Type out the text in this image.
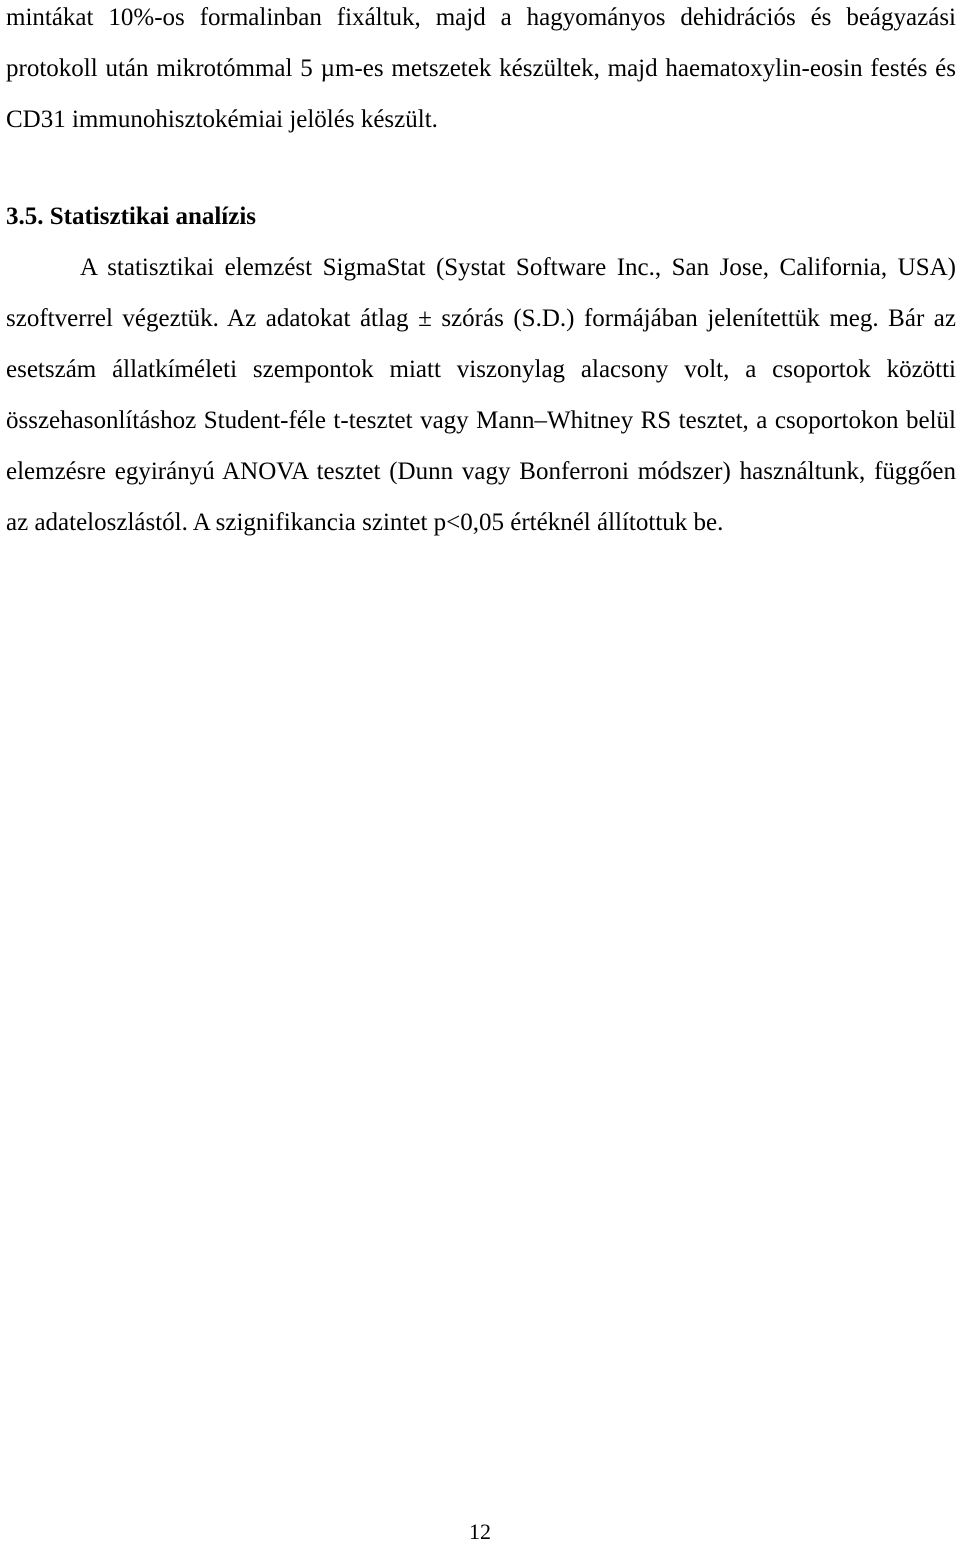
mintákat 10%-os formalinban fixáltuk, majd a hagyományos dehidrációs és beágyazási protokoll után mikrotómmal 5 µm-es metszetek készültek, majd haematoxylin-eosin festés és CD31 immunohisztokémiai jelölés készült.

3.5. Statisztikai analízis

A statisztikai elemzést SigmaStat (Systat Software Inc., San Jose, California, USA) szoftverrel végeztük. Az adatokat átlag ± szórás (S.D.) formájában jelenítettük meg. Bár az esetszám állatkíméleti szempontok miatt viszonylag alacsony volt, a csoportok közötti összehasonlításhoz Student-féle t-tesztet vagy Mann–Whitney RS tesztet, a csoportokon belül elemzésre egyirányú ANOVA tesztet (Dunn vagy Bonferroni módszer) használtunk, függően az adateloszlástól. A szignifikancia szintet p<0,05 értéknél állítottuk be.

12
